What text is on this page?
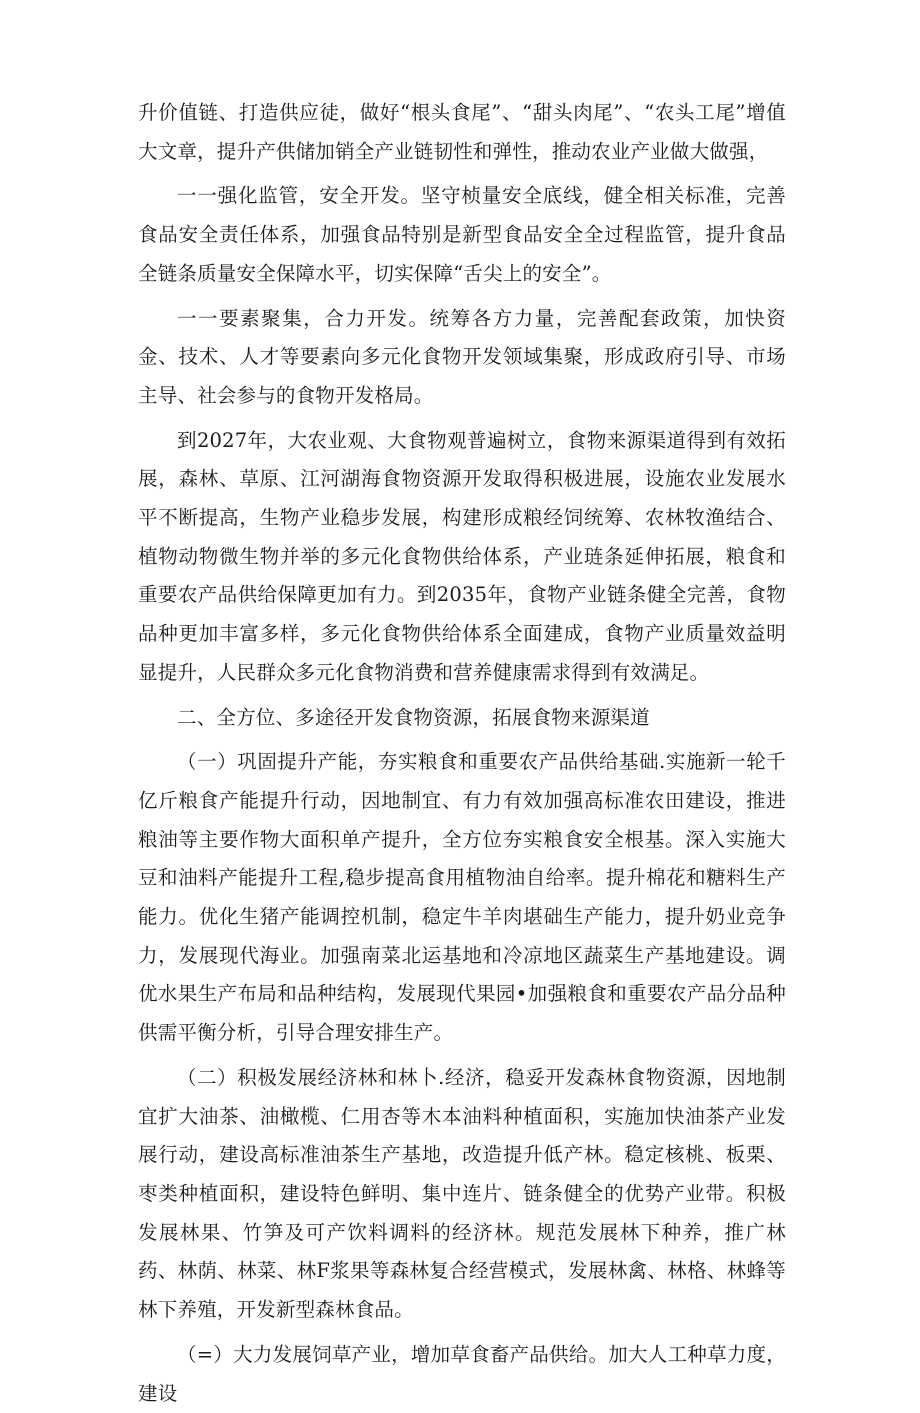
升价值链、打造供应徒，做好“根头食尾”、“甜头肉尾”、“农头工尾”增值大文章，提升产供储加销全产业链韧性和弹性，推动农业产业做大做强，

一一强化监管，安全开发。坚守桢量安全底线，健全相关标准，完善食品安全责任体系，加强食品特别是新型食品安全全过程监管，提升食品全链条质量安全保障水平，切实保障“舌尖上的安全”。

一一要素聚集，合力开发。统筹各方力量，完善配套政策，加快资金、技术、人才等要素向多元化食物开发领域集聚，形成政府引导、市场主导、社会参与的食物开发格局。

到2027年，大农业观、大食物观普遍树立，食物来源渠道得到有效拓展，森林、草原、江河湖海食物资源开发取得积极进展，设施农业发展水平不断提高，生物产业稳步发展，构建形成粮经饲统筹、农林牧渔结合、植物动物微生物并举的多元化食物供给体系，产业琏条延伸拓展，粮食和重要农产品供给保障更加有力。到2035年，食物产业链条健全完善，食物品种更加丰富多样，多元化食物供给体系全面建成，食物产业质量效益明显提升，人民群众多元化食物消费和营养健康需求得到有效满足。

二、全方位、多途径开发食物资源，拓展食物来源渠道

（一）巩固提升产能，夯实粮食和重要农产品供给基础.实施新一轮千亿斤粮食产能提升行动，因地制宜、有力有效加强高标准农田建设，推进粮油等主要作物大面积单产提升，全方位夯实粮食安全根基。深入实施大豆和油料产能提升工程,稳步提高食用植物油自给率。提升棉花和糖料生产能力。优化生猪产能调控机制，稳定牛羊肉堪础生产能力，提升奶业竞争力，发展现代海业。加强南菜北运基地和冷凉地区蔬菜生产基地建设。调优水果生产布局和品种结构，发展现代果园•加强粮食和重要农产品分品种供需平衡分析，引导合理安排生产。

（二）积极发展经济林和林卜.经济，稳妥开发森林食物资源，因地制宜扩大油茶、油橄榄、仁用杏等木本油料种植面积，实施加快油茶产业发展行动，建设高标准油茶生产基地，改造提升低产林。稳定核桃、板栗、枣类种植面积，建设特色鲜明、集中连片、链条健全的优势产业带。积极发展林果、竹笋及可产饮料调料的经济林。规范发展林下种养，推广林药、林荫、林菜、林F浆果等森林复合经营模式，发展林禽、林格、林蜂等林下养殖，开发新型森林食品。

（=）大力发展饲草产业，增加草食畜产品供给。加大人工种草力度，建设
